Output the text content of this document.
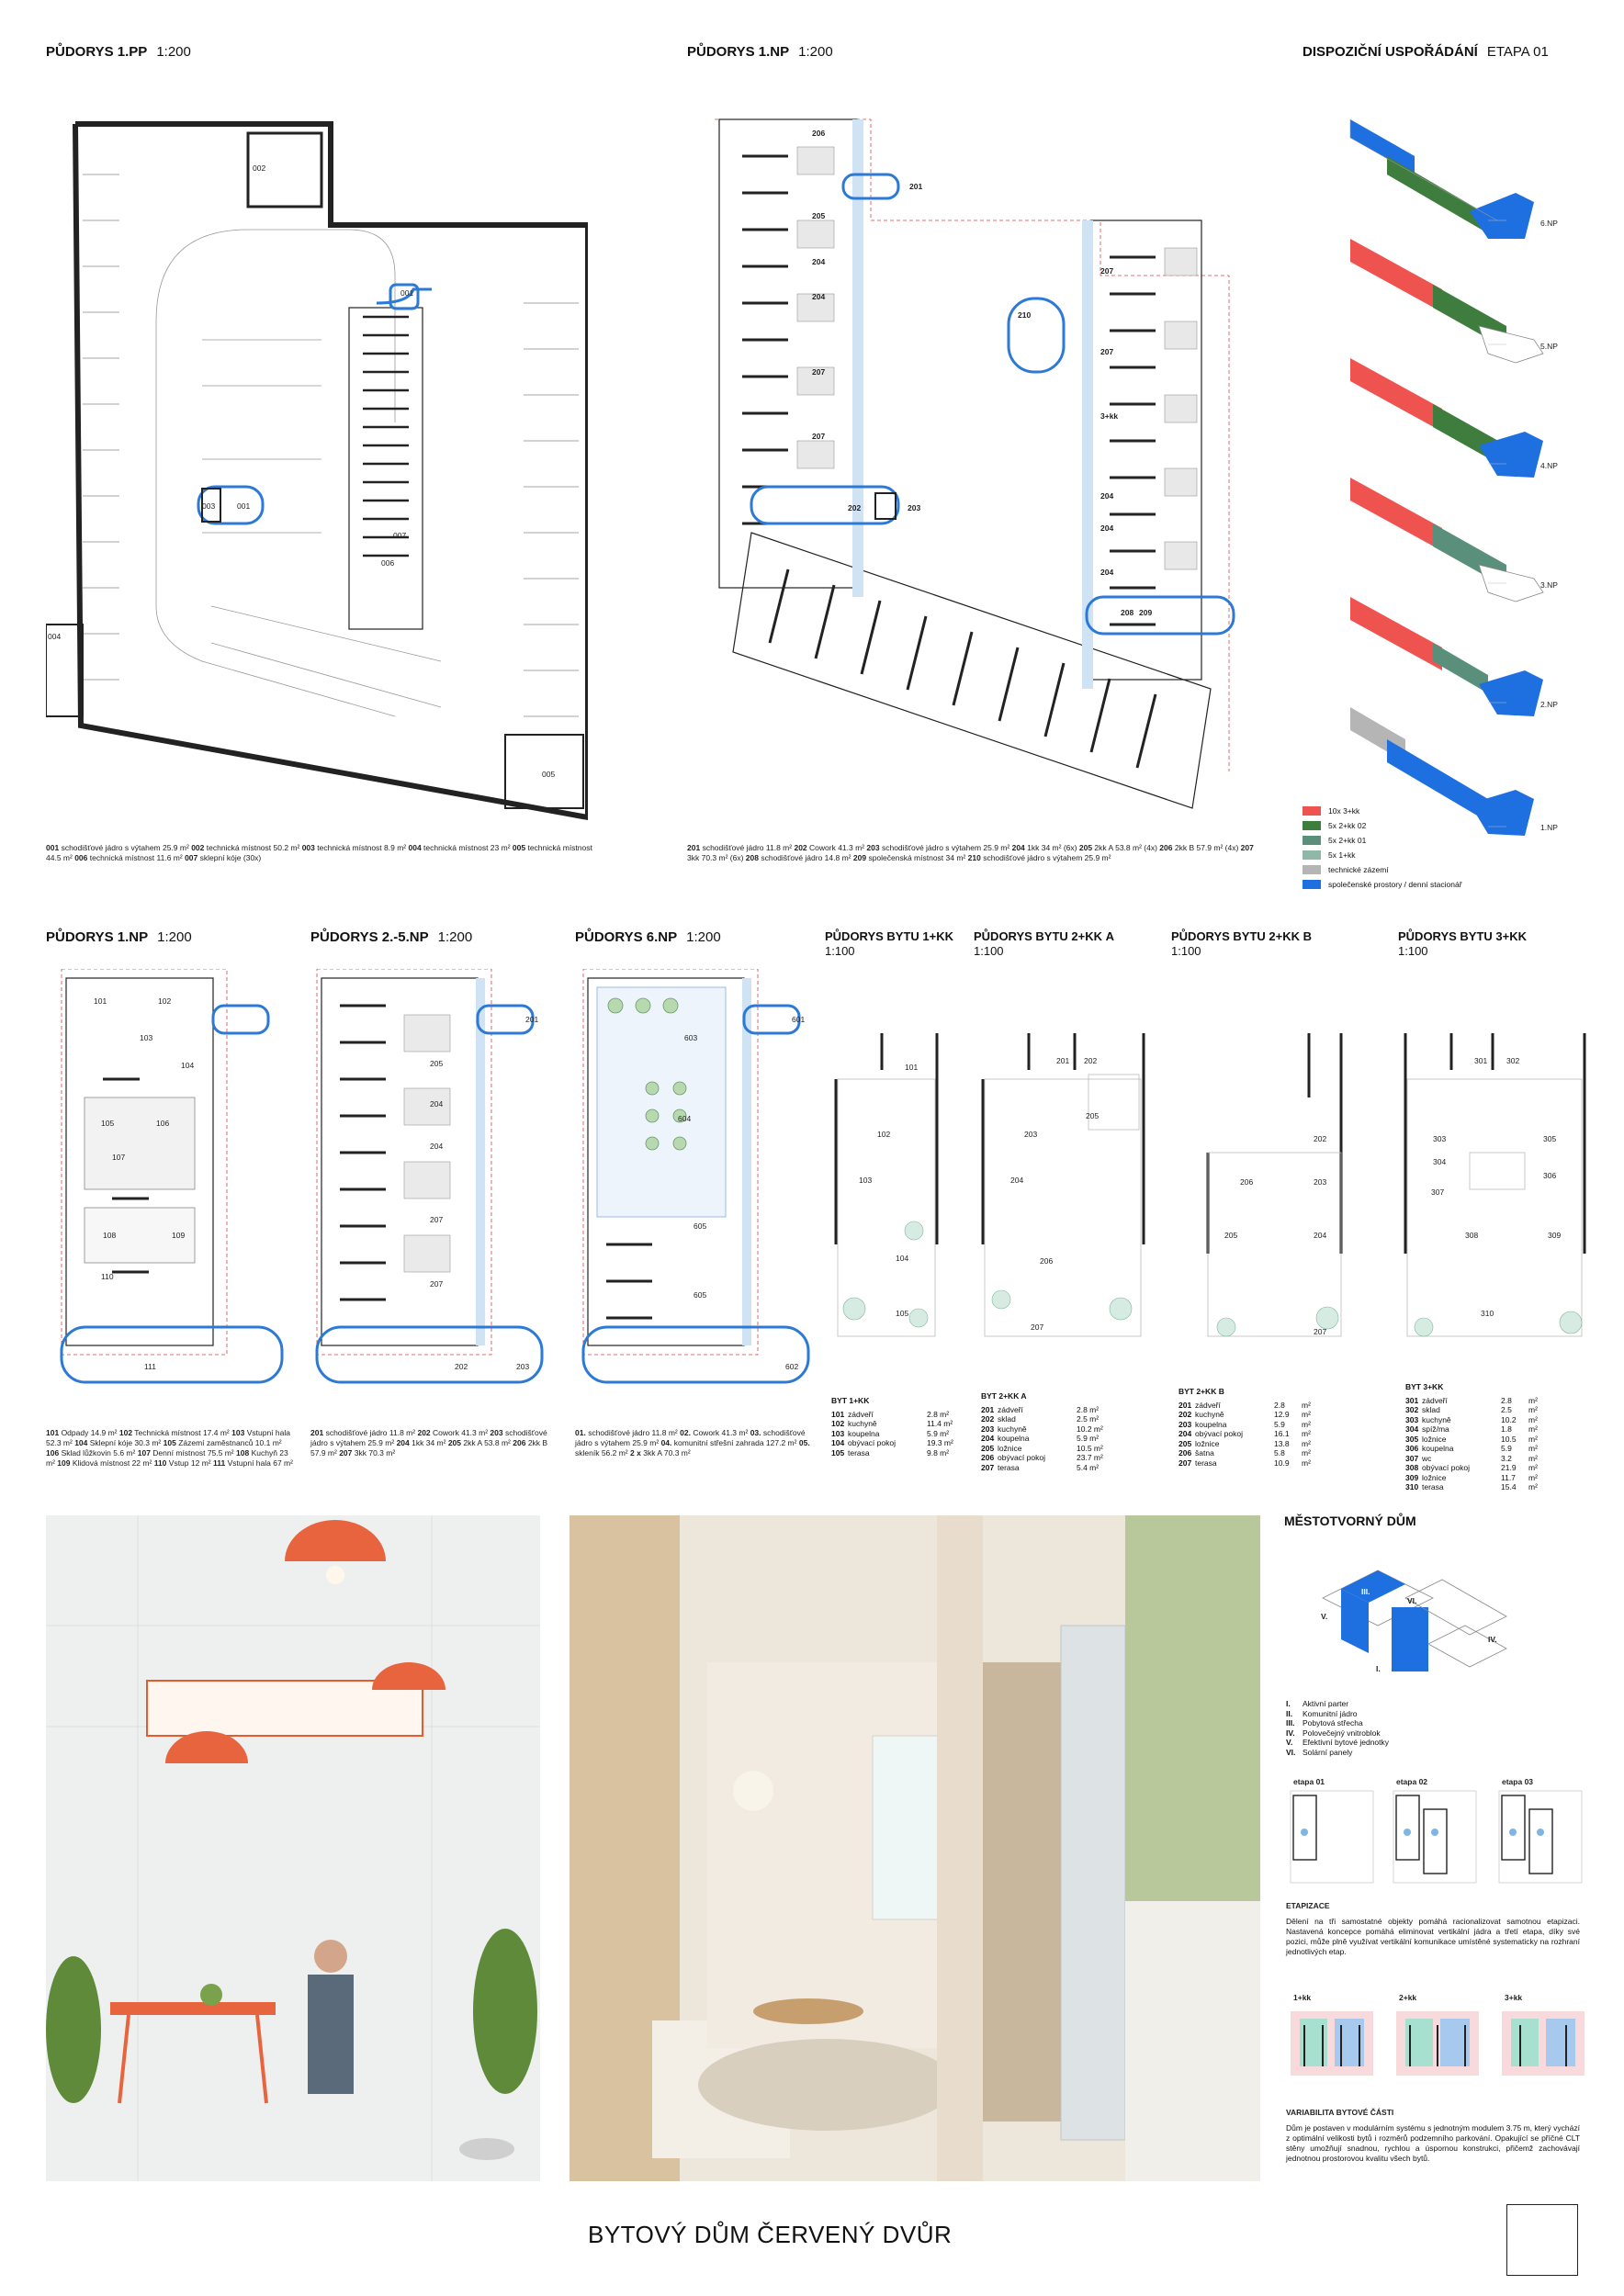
PŮDORYS 1.PP 1:200	PŮDORYS 1.NP 1:200	DISPOZIČNÍ USPOŘÁDÁNÍ ETAPA 01
002
001
003	001
004
005
006
007
001 schodišťové jádro s výtahem 25.9 m² 002 technická místnost 50.2 m² 003 technická místnost 8.9 m² 004 technická místnost 23 m² 005 technická místnost 44.5 m² 006 technická místnost 11.6 m² 007 sklepní kóje (30x)
206
205
204
204
207
207
201
210
207
207
3+kk
204
204
204
202	203
208 209
201 schodišťové jádro 11.8 m² 202 Cowork 41.3 m² 203 schodišťové jádro s výtahem 25.9 m² 204 1kk 34 m² (6x) 205 2kk A 53.8 m² (4x) 206 2kk B 57.9 m² (4x) 207 3kk 70.3 m² (6x) 208 schodišťové jádro 14.8 m² 209 společenská místnost 34 m² 210 schodišťové jádro s výtahem 25.9 m²
6.NP
5.NP
4.NP
3.NP
2.NP
1.NP
10x 3+kk
5x 2+kk 02
5x 2+kk 01
5x 1+kk
technické zázemí
společenské prostory / denní stacionář
PŮDORYS 1.NP 1:200	PŮDORYS 2.-5.NP 1:200	PŮDORYS 6.NP 1:200	PŮDORYS BYTU 1+KK
1:100
PŮDORYS BYTU 2+KK A
1:100
PŮDORYS BYTU 2+KK B
1:100
PŮDORYS BYTU 3+KK
1:100
101	102
103
104
105	106
107
108	109
110
111
205
204
204
207
207
202	203
201
603
604
605
605
602
601
101 Odpady 14.9 m² 102 Technická místnost 17.4 m² 103 Vstupní hala 52.3 m² 104 Sklepní kóje 30.3 m² 105 Zázemí zaměstnanců 10.1 m² 106 Sklad lůžkovin 5.6 m² 107 Denní místnost 75.5 m² 108 Kuchyň 23 m² 109 Klidová místnost 22 m² 110 Vstup 12 m² 111 Vstupní hala 67 m²
201 schodišťové jádro 11.8 m² 202 Cowork 41.3 m² 203 schodišťové jádro s výtahem 25.9 m² 204 1kk 34 m² 205 2kk A 53.8 m² 206 2kk B 57.9 m² 207 3kk 70.3 m²
01. schodišťové jádro 11.8 m² 02. Cowork 41.3 m² 03. schodišťové jádro s výtahem 25.9 m² 04. komunitní střešní zahrada 127.2 m² 05. skleník 56.2 m² 2 x 3kk A 70.3 m²
101
102
103
104
105
201 202
203
204
205
206
207
202
203
206
205	204
207
301 302
303
304
305
306
307
308	309
310
BYT 1+KK
101 zádveří	2.8 m²
102 kuchyně	11.4 m²
103 koupelna	5.9 m²
104 obývací pokoj	19.3 m²
105 terasa	9.8 m²
BYT 2+KK A
201 zádveří	2.8 m²
202 sklad	2.5 m²
203 kuchyně	10.2 m²
204 koupelna	5.9 m²
205 ložnice	10.5 m²
206 obývací pokoj	23.7 m²
207 terasa	5.4 m²
BYT 2+KK B
201 zádveří	2.8	m²
202 kuchyně	12.9	m²
203 koupelna	5.9	m²
204 obývací pokoj	16.1	m²
205 ložnice	13.8	m²
206 šatna	5.8	m²
207 terasa	10.9	m²
BYT 3+KK
301 zádveří	2.8	m²
302 sklad	2.5	m²
303 kuchyně	10.2	m²
304 spíž/ma	1.8	m²
305 ložnice	10.5	m²
306 koupelna	5.9	m²
307 wc	3.2	m²
308 obývací pokoj	21.9	m²
309 ložnice	11.7	m²
310 terasa	15.4	m²
MĚSTOTVORNÝ DŮM
III.
VI.
V.
IV.
I.
I.	Aktivní parter
II.	Komunitní jádro
III.	Pobytová střecha
IV. Polovečejný vnitroblok
V.	Efektivní bytové jednotky
VI. Solární panely
etapa 01	etapa 02	etapa 03
ETAPIZACE
Dělení na tři samostatné objekty pomáhá racionalizovat samotnou etapizaci. Nastavená koncepce pomáhá eliminovat vertikální jádra a třetí etapa, díky své pozici, může plně využívat vertikální komunikace umístěné systematicky na rozhraní jednotlivých etap.
1+kk	2+kk	3+kk
VARIABILITA BYTOVÉ ČÁSTI
Dům je postaven v modulárním systému s jednotným modulem 3.75 m, který vychází z optimální velikosti bytů i rozměrů podzemního parkování. Opakující se příčné CLT stěny umožňují snadnou, rychlou a úspornou konstrukci, přičemž zachovávají jednotnou prostorovou kvalitu všech bytů.
BYTOVÝ DŮM ČERVENÝ DVŮR
